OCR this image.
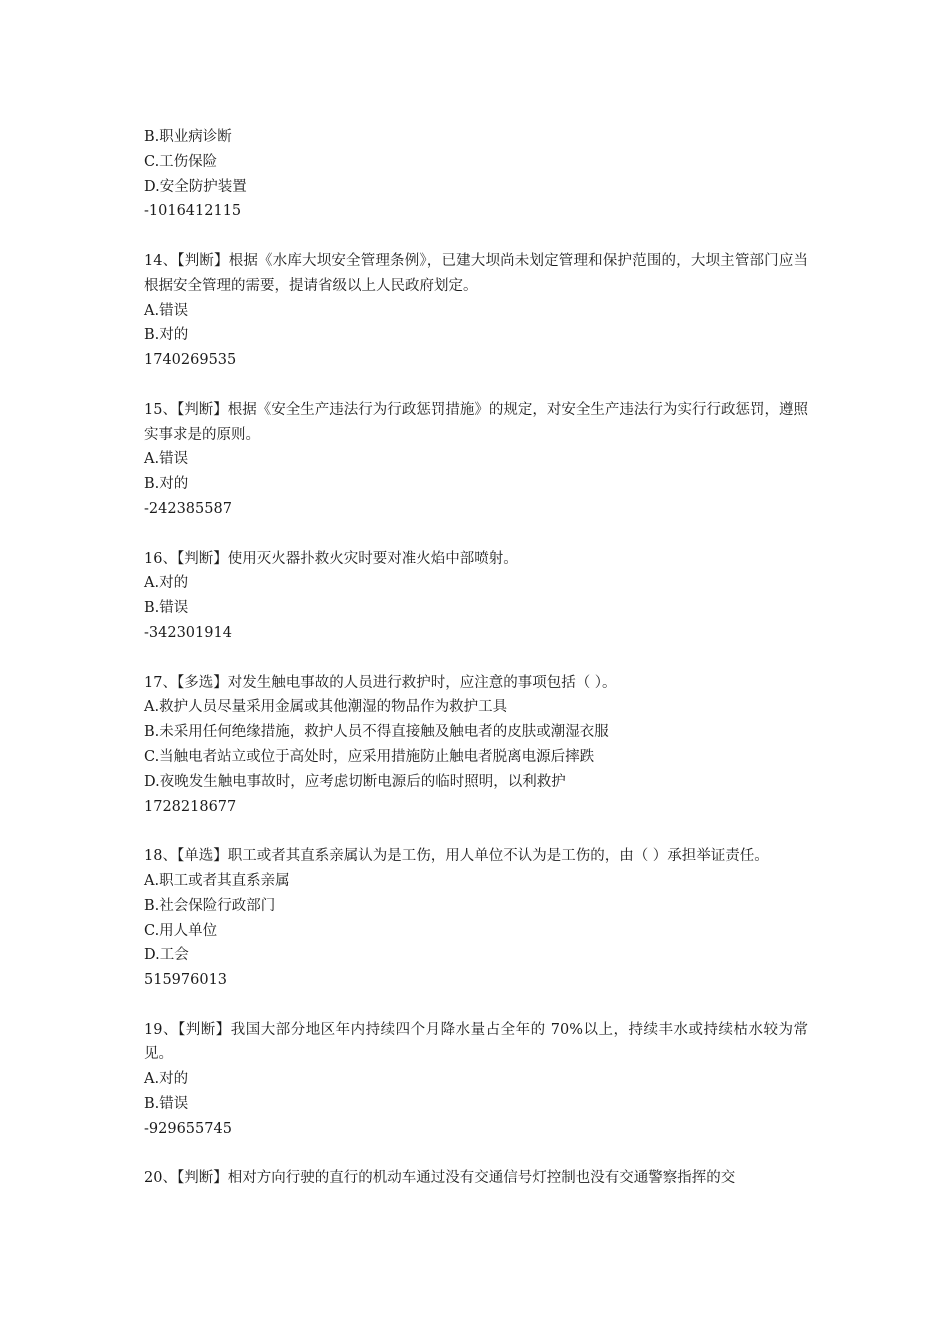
B.职业病诊断
C.工伤保险
D.安全防护装置
-1016412115
14、【判断】根据《水库大坝安全管理条例》，已建大坝尚未划定管理和保护范围的，大坝主管部门应当根据安全管理的需要，提请省级以上人民政府划定。
A.错误
B.对的
1740269535
15、【判断】根据《安全生产违法行为行政惩罚措施》的规定，对安全生产违法行为实行行政惩罚，遵照实事求是的原则。
A.错误
B.对的
-242385587
16、【判断】使用灭火器扑救火灾时要对准火焰中部喷射。
A.对的
B.错误
-342301914
17、【多选】对发生触电事故的人员进行救护时，应注意的事项包括（ ）。
A.救护人员尽量采用金属或其他潮湿的物品作为救护工具
B.未采用任何绝缘措施，救护人员不得直接触及触电者的皮肤或潮湿衣服
C.当触电者站立或位于高处时，应采用措施防止触电者脱离电源后摔跌
D.夜晚发生触电事故时，应考虑切断电源后的临时照明，以利救护
1728218677
18、【单选】职工或者其直系亲属认为是工伤，用人单位不认为是工伤的，由（ ）承担举证责任。
A.职工或者其直系亲属
B.社会保险行政部门
C.用人单位
D.工会
515976013
19、【判断】我国大部分地区年内持续四个月降水量占全年的 70%以上，持续丰水或持续枯水较为常见。
A.对的
B.错误
-929655745
20、【判断】相对方向行驶的直行的机动车通过没有交通信号灯控制也没有交通警察指挥的交
